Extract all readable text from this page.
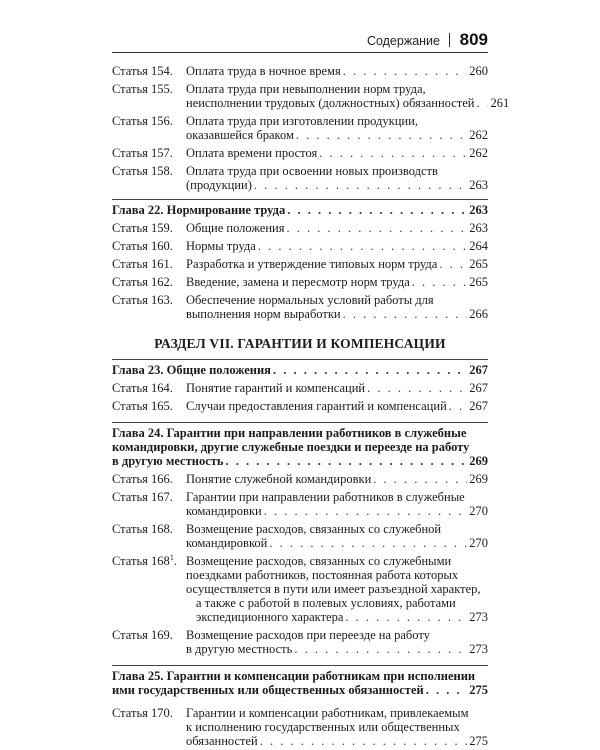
Содержание 809
Статья 154. Оплата труда в ночное время . . .	260
Статья 155. Оплата труда при невыполнении норм труда,
неисполнении трудовых (должностных) обязанностей . . . 261
Статья 156. Оплата труда при изготовлении продукции,
оказавшейся браком . . .	262
Статья 157. Оплата времени простоя . . .	262
Статья 158. Оплата труда при освоении новых производств
(продукции) . . .	263
Глава 22. Нормирование труда . . .	263
Статья 159. Общие положения . . .	263
Статья 160. Нормы труда . . .	264
Статья 161. Разработка и утверждение типовых норм труда . . .	265
Статья 162. Введение, замена и пересмотр норм труда . . .	265
Статья 163. Обеспечение нормальных условий работы для
выполнения норм выработки . . .	266
РАЗДЕЛ VII. ГАРАНТИИ И КОМПЕНСАЦИИ
Глава 23. Общие положения . . .	267
Статья 164. Понятие гарантий и компенсаций . . .	267
Статья 165. Случаи предоставления гарантий и компенсаций . . . 267
Глава 24. Гарантии при направлении работников в служебные
командировки, другие служебные поездки и переезде на работу
в другую местность . . .	269
Статья 166. Понятие служебной командировки . . .	269
Статья 167. Гарантии при направлении работников в служебные
командировки . . .	270
Статья 168. Возмещение расходов, связанных со служебной
командировкой . . .	270
Статья $168^1$. Возмещение расходов, связанных со служебными
поездками работников, постоянная работа которых
осуществляется в пути или имеет разъездной характер,
а также с работой в полевых условиях, работами
экспедиционного характера . . .	273
Статья 169. Возмещение расходов при переезде на работу
в другую местность . . .	273
Глава 25. Гарантии и компенсации работникам при исполнении
ими государственных или общественных обязанностей . . .	275
Статья 170. Гарантии и компенсации работникам, привлекаемым
к исполнению государственных или общественных
обязанностей . . .	275
